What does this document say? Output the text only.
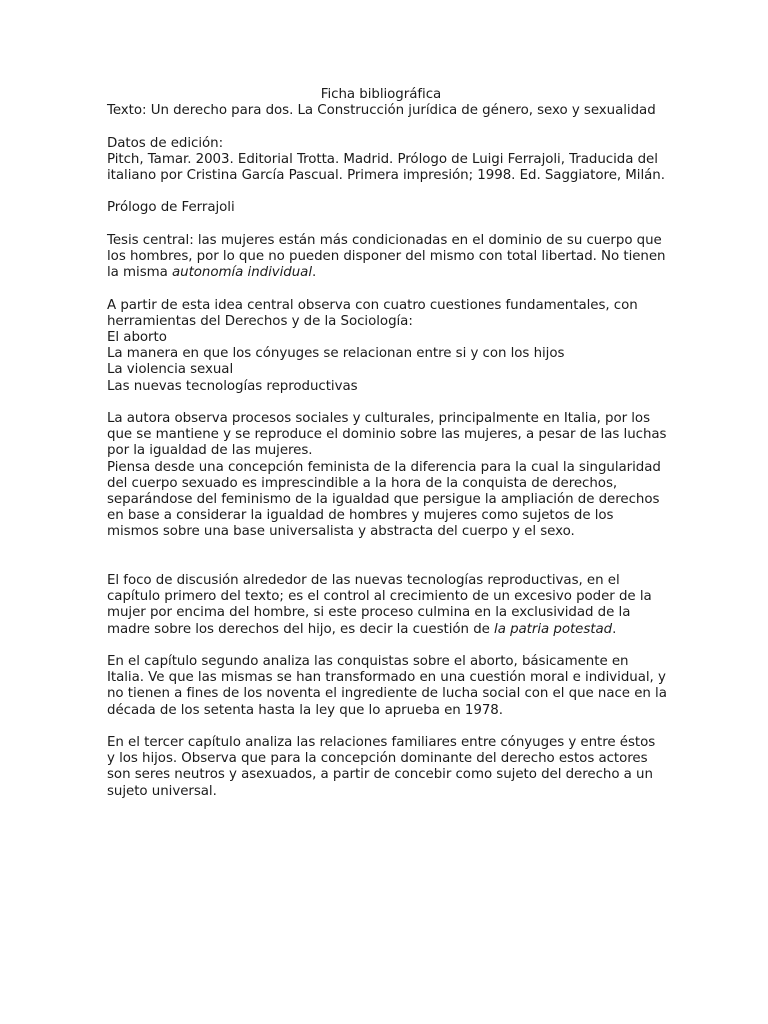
Ficha bibliográfica

Texto: Un derecho para dos. La Construcción jurídica de género, sexo y sexualidad

Datos de edición:

Pitch, Tamar. 2003. Editorial Trotta. Madrid. Prólogo de Luigi Ferrajoli, Traducida del italiano por Cristina García Pascual. Primera impresión; 1998. Ed. Saggiatore, Milán.

Prólogo de Ferrajoli

Tesis central: las mujeres están más condicionadas en el dominio de su cuerpo que los hombres, por lo que no pueden disponer del mismo con total libertad. No tienen la misma autonomía individual.

A partir de esta idea central observa con cuatro cuestiones fundamentales, con herramientas del Derechos y de la Sociología:

El aborto

La manera en que los cónyuges se relacionan entre si y con los hijos

La violencia sexual

Las nuevas tecnologías reproductivas

La autora observa procesos sociales y culturales, principalmente en Italia, por los que se mantiene y se reproduce el dominio sobre las mujeres, a pesar de las luchas por la igualdad de las mujeres.

Piensa desde una concepción feminista de la diferencia para la cual la singularidad del cuerpo sexuado es imprescindible a la hora de la conquista de derechos, separándose del feminismo de la igualdad que persigue la ampliación de derechos en base a considerar la igualdad de hombres y mujeres como sujetos de los mismos sobre una base universalista y abstracta del cuerpo y el sexo.

El foco de discusión alrededor de las nuevas tecnologías reproductivas, en el capítulo primero del texto; es el control al crecimiento de un excesivo poder de la mujer por encima del hombre, si este proceso culmina en la exclusividad de la madre sobre los derechos del hijo, es decir la cuestión de la patria potestad.

En el capítulo segundo analiza las conquistas sobre el aborto, básicamente en Italia. Ve que las mismas se han transformado en una cuestión moral e individual, y no tienen a fines de los noventa el ingrediente de lucha social con el que nace en la década de los setenta hasta la ley que lo aprueba en 1978.

En el tercer capítulo analiza las relaciones familiares entre cónyuges y entre éstos y los hijos. Observa que para la concepción dominante del derecho estos actores son seres neutros y asexuados, a partir de concebir como sujeto del derecho a un sujeto universal.
